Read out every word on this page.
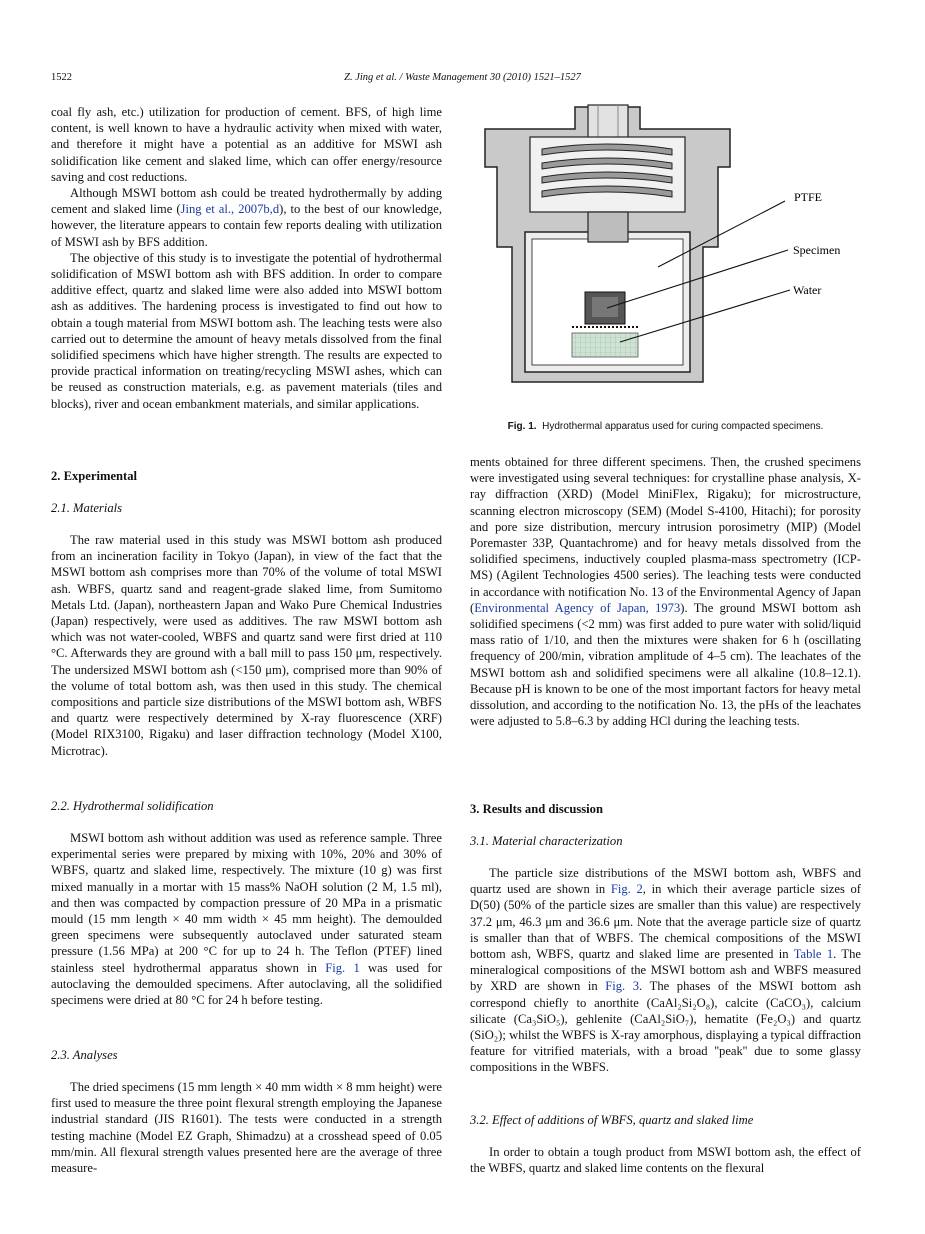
1522	Z. Jing et al. / Waste Management 30 (2010) 1521–1527

coal fly ash, etc.) utilization for production of cement. BFS, of high lime content, is well known to have a hydraulic activity when mixed with water, and therefore it might have a potential as an additive for MSWI ash solidification like cement and slaked lime, which can offer energy/resource saving and cost reductions.

Although MSWI bottom ash could be treated hydrothermally by adding cement and slaked lime (Jing et al., 2007b,d), to the best of our knowledge, however, the literature appears to contain few reports dealing with utilization of MSWI ash by BFS addition.

The objective of this study is to investigate the potential of hydrothermal solidification of MSWI bottom ash with BFS addition. In order to compare additive effect, quartz and slaked lime were also added into MSWI bottom ash as additives. The hardening process is investigated to find out how to obtain a tough material from MSWI bottom ash. The leaching tests were also carried out to determine the amount of heavy metals dissolved from the final solidified specimens which have higher strength. The results are expected to provide practical information on treating/recycling MSWI ashes, which can be reused as construction materials, e.g. as pavement materials (tiles and blocks), river and ocean embankment materials, and similar applications.

2. Experimental
2.1. Materials

The raw material used in this study was MSWI bottom ash produced from an incineration facility in Tokyo (Japan), in view of the fact that the MSWI bottom ash comprises more than 70% of the volume of total MSWI ash. WBFS, quartz sand and reagent-grade slaked lime, from Sumitomo Metals Ltd. (Japan), northeastern Japan and Wako Pure Chemical Industries (Japan) respectively, were used as additives. The raw MSWI bottom ash which was not water-cooled, WBFS and quartz sand were first dried at 110 °C. Afterwards they are ground with a ball mill to pass 150 μm, respectively. The undersized MSWI bottom ash (<150 μm), comprised more than 90% of the volume of total bottom ash, was then used in this study. The chemical compositions and particle size distributions of the MSWI bottom ash, WBFS and quartz were respectively determined by X-ray fluorescence (XRF) (Model RIX3100, Rigaku) and laser diffraction technology (Model X100, Microtrac).

2.2. Hydrothermal solidification

MSWI bottom ash without addition was used as reference sample. Three experimental series were prepared by mixing with 10%, 20% and 30% of WBFS, quartz and slaked lime, respectively. The mixture (10 g) was first mixed manually in a mortar with 15 mass% NaOH solution (2 M, 1.5 ml), and then was compacted by compaction pressure of 20 MPa in a prismatic mould (15 mm length × 40 mm width × 45 mm height). The demoulded green specimens were subsequently autoclaved under saturated steam pressure (1.56 MPa) at 200 °C for up to 24 h. The Teflon (PTEF) lined stainless steel hydrothermal apparatus shown in Fig. 1 was used for autoclaving the demoulded specimens. After autoclaving, all the solidified specimens were dried at 80 °C for 24 h before testing.

2.3. Analyses

The dried specimens (15 mm length × 40 mm width × 8 mm height) were first used to measure the three point flexural strength employing the Japanese industrial standard (JIS R1601). The tests were conducted in a strength testing machine (Model EZ Graph, Shimadzu) at a crosshead speed of 0.05 mm/min. All flexural strength values presented here are the average of three measure-

PTFE
Specimen
Water
Fig. 1. Hydrothermal apparatus used for curing compacted specimens.

ments obtained for three different specimens. Then, the crushed specimens were investigated using several techniques: for crystalline phase analysis, X-ray diffraction (XRD) (Model MiniFlex, Rigaku); for microstructure, scanning electron microscopy (SEM) (Model S-4100, Hitachi); for porosity and pore size distribution, mercury intrusion porosimetry (MIP) (Model Poremaster 33P, Quantachrome) and for heavy metals dissolved from the solidified specimens, inductively coupled plasma-mass spectrometry (ICP-MS) (Agilent Technologies 4500 series). The leaching tests were conducted in accordance with notification No. 13 of the Environmental Agency of Japan (Environmental Agency of Japan, 1973). The ground MSWI bottom ash solidified specimens (<2 mm) was first added to pure water with solid/liquid mass ratio of 1/10, and then the mixtures were shaken for 6 h (oscillating frequency of 200/min, vibration amplitude of 4–5 cm). The leachates of the MSWI bottom ash and solidified specimens were all alkaline (10.8–12.1). Because pH is known to be one of the most important factors for heavy metal dissolution, and according to the notification No. 13, the pHs of the leachates were adjusted to 5.8–6.3 by adding HCl during the leaching tests.

3. Results and discussion
3.1. Material characterization

The particle size distributions of the MSWI bottom ash, WBFS and quartz used are shown in Fig. 2, in which their average particle sizes of D(50) (50% of the particle sizes are smaller than this value) are respectively 37.2 μm, 46.3 μm and 36.6 μm. Note that the average particle size of quartz is smaller than that of WBFS. The chemical compositions of the MSWI bottom ash, WBFS, quartz and slaked lime are presented in Table 1. The mineralogical compositions of the MSWI bottom ash and WBFS measured by XRD are shown in Fig. 3. The phases of the MSWI bottom ash correspond chiefly to anorthite (CaAl₂Si₂O₈), calcite (CaCO₃), calcium silicate (Ca₃SiO₅), gehlenite (CaAl₂SiO₇), hematite (Fe₂O₃) and quartz (SiO₂); whilst the WBFS is X-ray amorphous, displaying a typical diffraction feature for vitrified materials, with a broad ''peak'' due to some glassy compositions in the WBFS.

3.2. Effect of additions of WBFS, quartz and slaked lime

In order to obtain a tough product from MSWI bottom ash, the effect of the WBFS, quartz and slaked lime contents on the flexural
